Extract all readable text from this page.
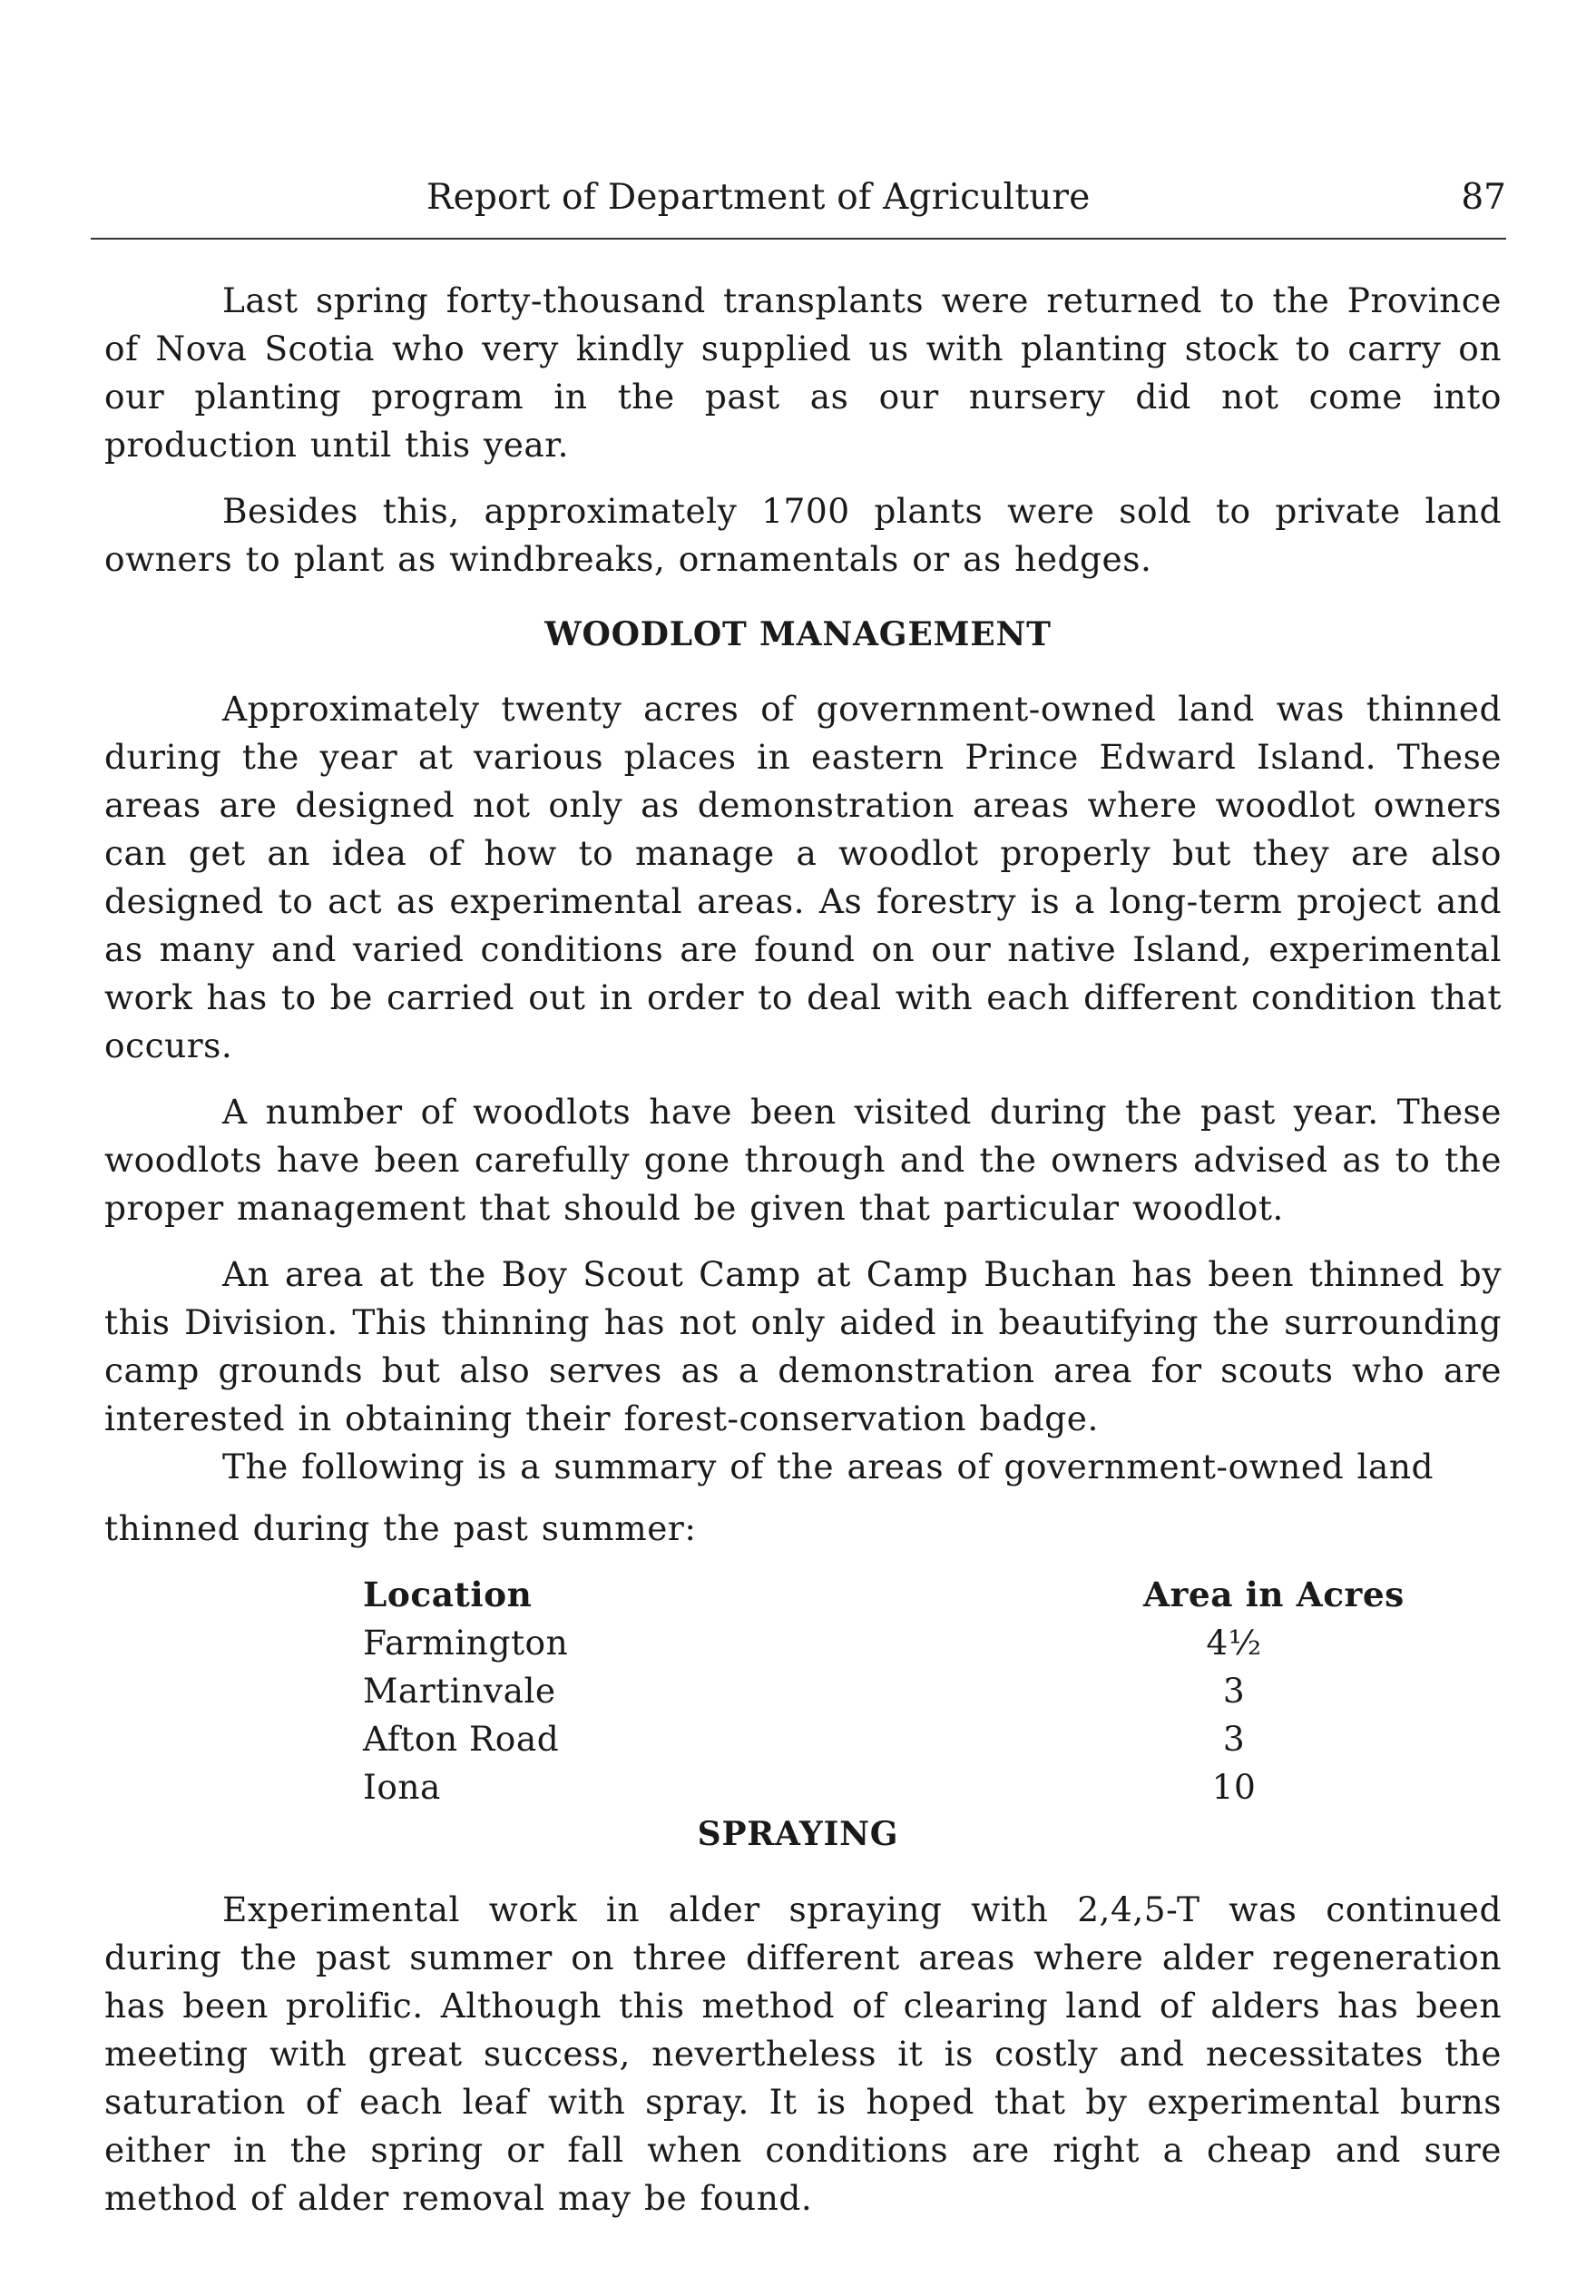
Report of Department of Agriculture	87

Last spring forty-thousand transplants were returned to the Province of Nova Scotia who very kindly supplied us with planting stock to carry on our planting program in the past as our nursery did not come into production until this year.

Besides this, approximately 1700 plants were sold to private land owners to plant as windbreaks, ornamentals or as hedges.

WOODLOT MANAGEMENT

Approximately twenty acres of government-owned land was thinned during the year at various places in eastern Prince Edward Island. These areas are designed not only as demonstration areas where woodlot owners can get an idea of how to manage a woodlot properly but they are also designed to act as experimental areas. As forestry is a long-term project and as many and varied conditions are found on our native Island, experimental work has to be carried out in order to deal with each different condition that occurs.

A number of woodlots have been visited during the past year. These woodlots have been carefully gone through and the owners advised as to the proper management that should be given that particular woodlot.

An area at the Boy Scout Camp at Camp Buchan has been thinned by this Division. This thinning has not only aided in beautifying the surrounding camp grounds but also serves as a demonstration area for scouts who are interested in obtaining their forest-conservation badge.

The following is a summary of the areas of government-owned land

thinned during the past summer:
Location	Area in Acres
Farmington	4½
Martinvale	3
Afton Road	3
Iona	10
SPRAYING

Experimental work in alder spraying with 2,4,5-T was continued during the past summer on three different areas where alder regeneration has been prolific. Although this method of clearing land of alders has been meeting with great success, nevertheless it is costly and necessitates the saturation of each leaf with spray. It is hoped that by experimental burns either in the spring or fall when conditions are right a cheap and sure method of alder removal may be found.
